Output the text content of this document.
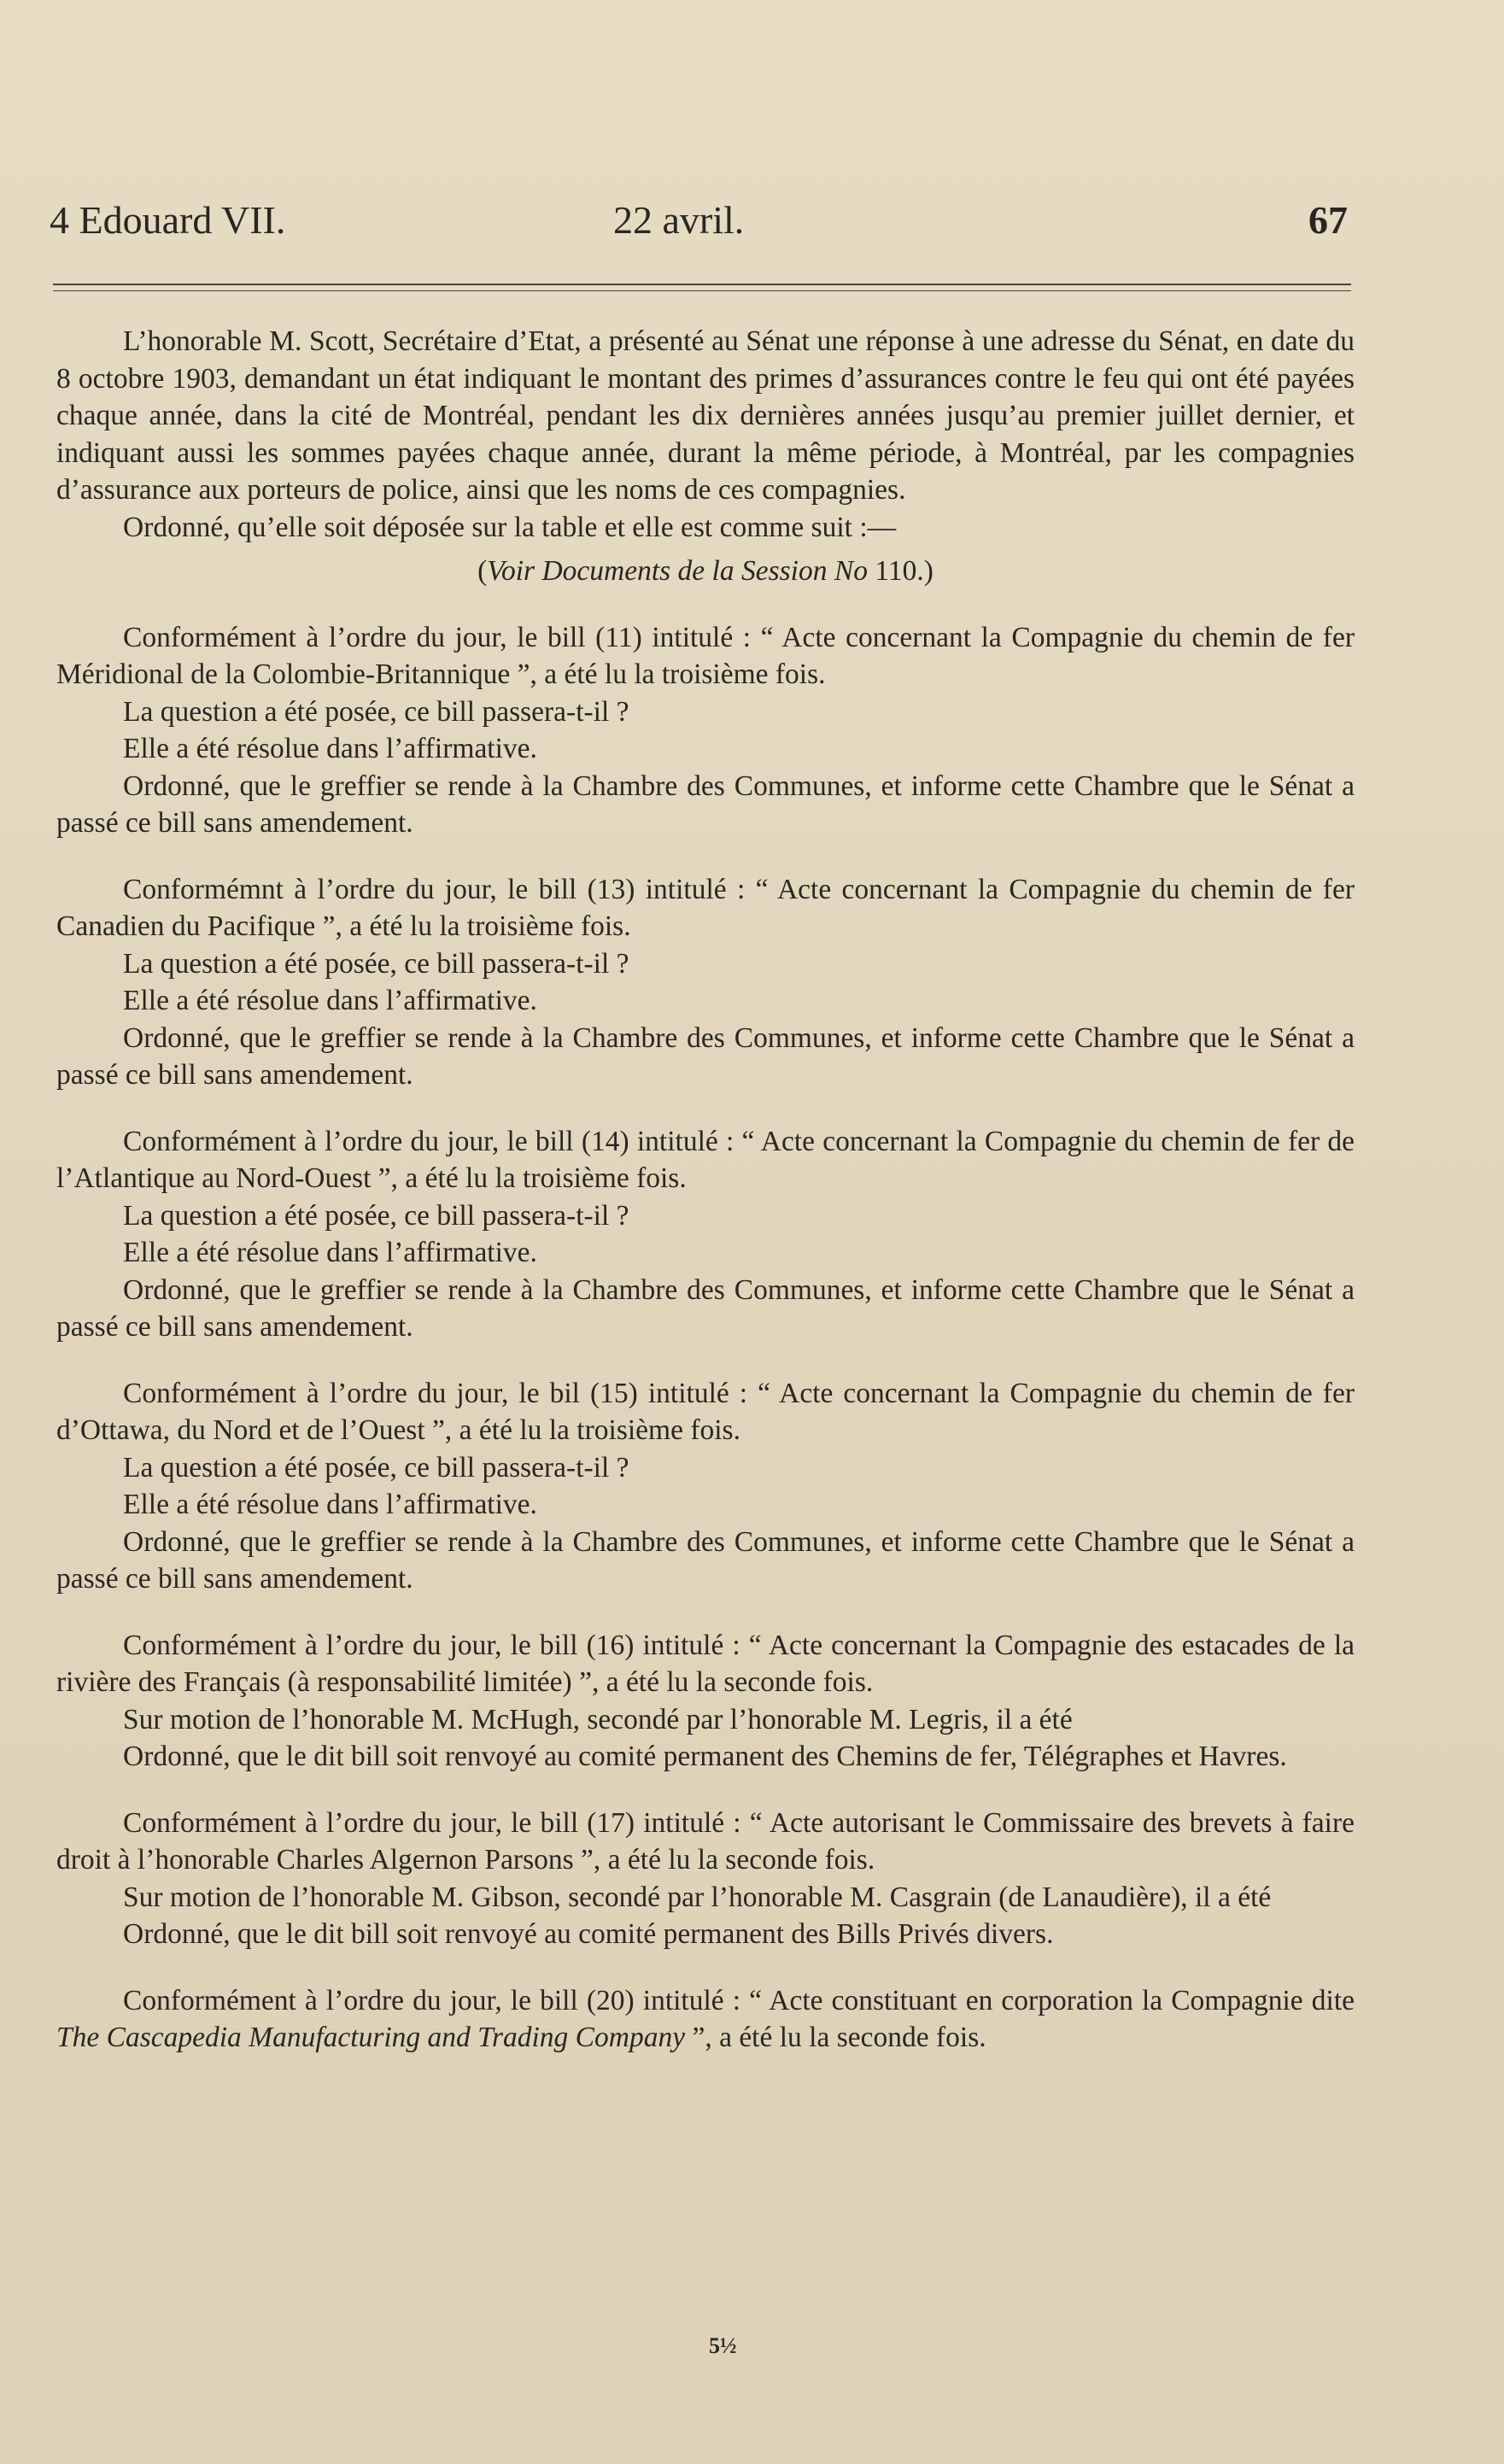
4 Edouard VII.	22 avril.	67

L’honorable M. Scott, Secrétaire d’Etat, a présenté au Sénat une réponse à une adresse du Sénat, en date du 8 octobre 1903, demandant un état indiquant le montant des primes d’assurances contre le feu qui ont été payées chaque année, dans la cité de Montréal, pendant les dix dernières années jusqu’au premier juillet dernier, et indiquant aussi les sommes payées chaque année, durant la même période, à Montréal, par les compagnies d’assurance aux porteurs de police, ainsi que les noms de ces compagnies.

Ordonné, qu’elle soit déposée sur la table et elle est comme suit :—

(Voir Documents de la Session No 110.)

Conformément à l’ordre du jour, le bill (11) intitulé : “ Acte concernant la Compagnie du chemin de fer Méridional de la Colombie-Britannique ”, a été lu la troisième fois.

La question a été posée, ce bill passera-t-il ?

Elle a été résolue dans l’affirmative.

Ordonné, que le greffier se rende à la Chambre des Communes, et informe cette Chambre que le Sénat a passé ce bill sans amendement.

Conformémnt à l’ordre du jour, le bill (13) intitulé : “ Acte concernant la Compagnie du chemin de fer Canadien du Pacifique ”, a été lu la troisième fois.

La question a été posée, ce bill passera-t-il ?

Elle a été résolue dans l’affirmative.

Ordonné, que le greffier se rende à la Chambre des Communes, et informe cette Chambre que le Sénat a passé ce bill sans amendement.

Conformément à l’ordre du jour, le bill (14) intitulé : “ Acte concernant la Compagnie du chemin de fer de l’Atlantique au Nord-Ouest ”, a été lu la troisième fois.

La question a été posée, ce bill passera-t-il ?

Elle a été résolue dans l’affirmative.

Ordonné, que le greffier se rende à la Chambre des Communes, et informe cette Chambre que le Sénat a passé ce bill sans amendement.

Conformément à l’ordre du jour, le bil (15) intitulé : “ Acte concernant la Compagnie du chemin de fer d’Ottawa, du Nord et de l’Ouest ”, a été lu la troisième fois.

La question a été posée, ce bill passera-t-il ?

Elle a été résolue dans l’affirmative.

Ordonné, que le greffier se rende à la Chambre des Communes, et informe cette Chambre que le Sénat a passé ce bill sans amendement.

Conformément à l’ordre du jour, le bill (16) intitulé : “ Acte concernant la Compagnie des estacades de la rivière des Français (à responsabilité limitée) ”, a été lu la seconde fois.

Sur motion de l’honorable M. McHugh, secondé par l’honorable M. Legris, il a été

Ordonné, que le dit bill soit renvoyé au comité permanent des Chemins de fer, Télégraphes et Havres.

Conformément à l’ordre du jour, le bill (17) intitulé : “ Acte autorisant le Commissaire des brevets à faire droit à l’honorable Charles Algernon Parsons ”, a été lu la seconde fois.

Sur motion de l’honorable M. Gibson, secondé par l’honorable M. Casgrain (de Lanaudière), il a été

Ordonné, que le dit bill soit renvoyé au comité permanent des Bills Privés divers.

Conformément à l’ordre du jour, le bill (20) intitulé : “ Acte constituant en corporation la Compagnie dite The Cascapedia Manufacturing and Trading Company ”, a été lu la seconde fois.

5½
